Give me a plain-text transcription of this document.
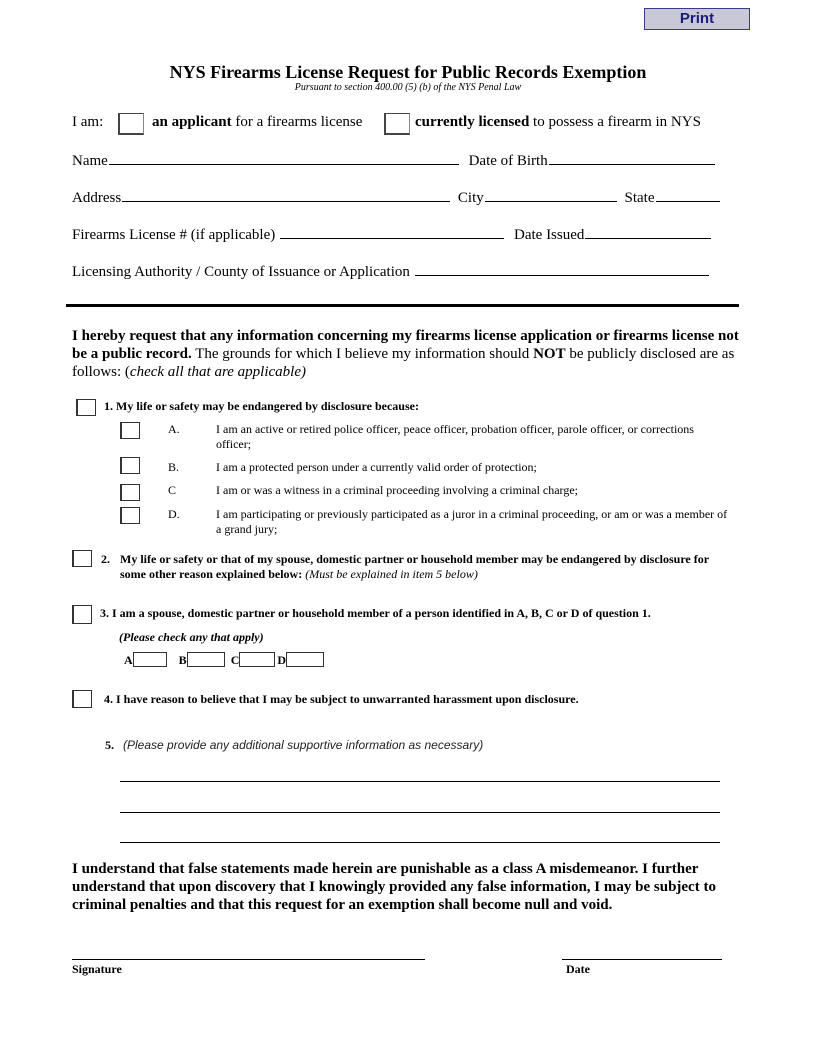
Print
NYS Firearms License Request for Public Records Exemption
Pursuant to section 400.00 (5) (b) of the NYS Penal Law
I am:	an applicant for a firearms license	currently licensed to possess a firearm in NYS
Name	Date of Birth
Address	City	State
Firearms License # (if applicable)	Date Issued
Licensing Authority / County of Issuance or Application
I hereby request that any information concerning my firearms license application or firearms license not be a public record. The grounds for which I believe my information should NOT be publicly disclosed are as follows: (check all that are applicable)
1. My life or safety may be endangered by disclosure because:
A.	I am an active or retired police officer, peace officer, probation officer, parole officer, or corrections officer;
B.	I am a protected person under a currently valid order of protection;
C	I am or was a witness in a criminal proceeding involving a criminal charge;
D.	I am participating or previously participated as a juror in a criminal proceeding, or am or was a member of a grand jury;
2. My life or safety or that of my spouse, domestic partner or household member may be endangered by disclosure for some other reason explained below: (Must be explained in item 5 below)
3. I am a spouse, domestic partner or household member of a person identified in A, B, C or D of question 1.
(Please check any that apply)
A	B	C	D
4. I have reason to believe that I may be subject to unwarranted harassment upon disclosure.
5. (Please provide any additional supportive information as necessary)
I understand that false statements made herein are punishable as a class A misdemeanor. I further understand that upon discovery that I knowingly provided any false information, I may be subject to criminal penalties and that this request for an exemption shall become null and void.
Signature	Date
